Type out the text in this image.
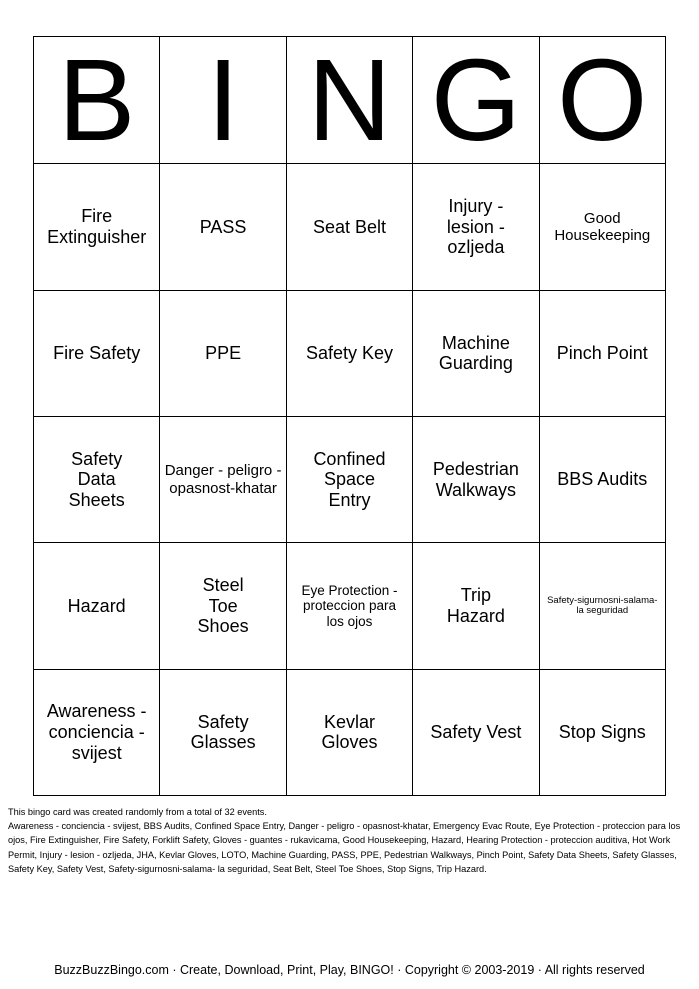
B	I	N	G	O
Fire Extinguisher	PASS	Seat Belt	Injury - lesion - ozljeda	Good Housekeeping
Fire Safety	PPE	Safety Key	Machine Guarding	Pinch Point
Safety Data Sheets	Danger - peligro - opasnost-khatar	Confined Space Entry	Pedestrian Walkways	BBS Audits
Hazard	Steel Toe Shoes	Eye Protection - proteccion para los ojos	Trip Hazard	Safety-sigurnosni-salama- la seguridad
Awareness - conciencia - svijest	Safety Glasses	Kevlar Gloves	Safety Vest	Stop Signs

This bingo card was created randomly from a total of 32 events.

Awareness - conciencia - svijest, BBS Audits, Confined Space Entry, Danger - peligro - opasnost-khatar, Emergency Evac Route, Eye Protection - proteccion para los ojos, Fire Extinguisher, Fire Safety, Forklift Safety, Gloves - guantes - rukavicama, Good Housekeeping, Hazard, Hearing Protection - proteccion auditiva, Hot Work Permit, Injury - lesion - ozljeda, JHA, Kevlar Gloves, LOTO, Machine Guarding, PASS, PPE, Pedestrian Walkways, Pinch Point, Safety Data Sheets, Safety Glasses, Safety Key, Safety Vest, Safety-sigurnosni-salama- la seguridad, Seat Belt, Steel Toe Shoes, Stop Signs, Trip Hazard.

BuzzBuzzBingo.com · Create, Download, Print, Play, BINGO! · Copyright © 2003-2019 · All rights reserved
